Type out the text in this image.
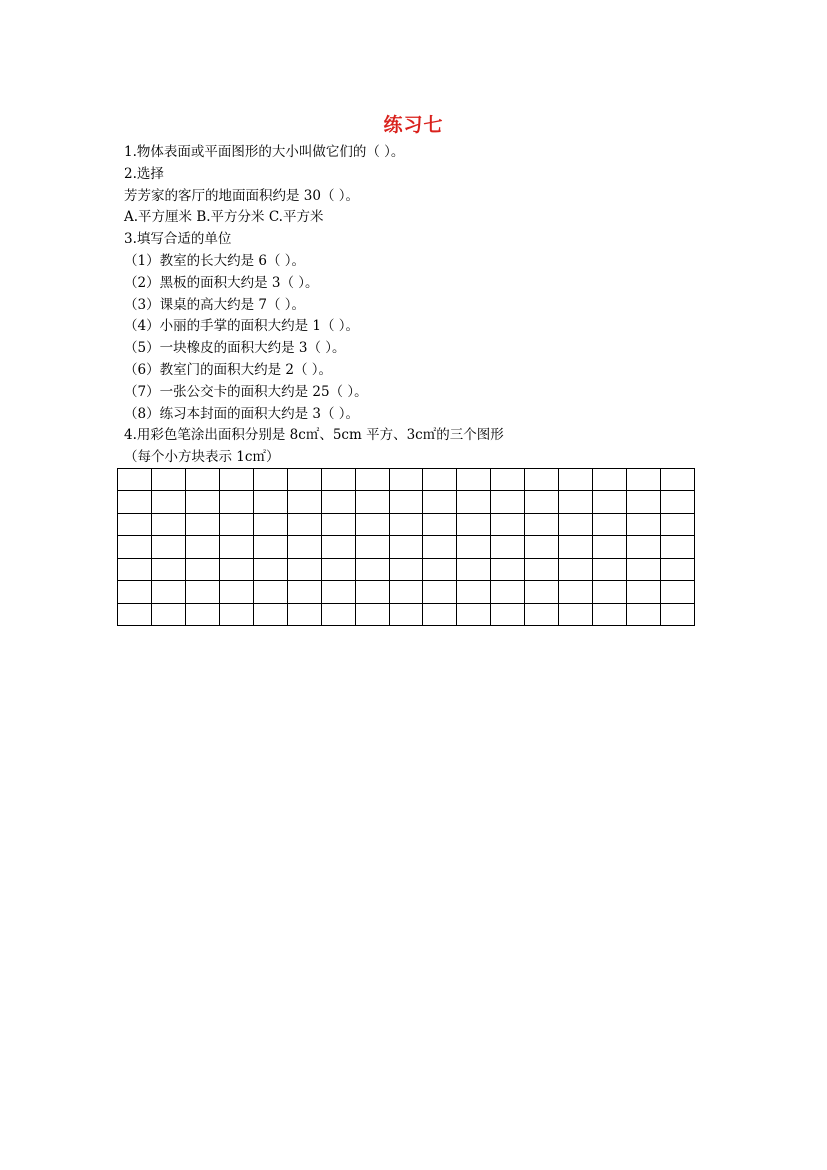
练习七
1.物体表面或平面图形的大小叫做它们的（ ）。
2.选择
芳芳家的客厅的地面面积约是 30（ ）。
A.平方厘米 B.平方分米 C.平方米
3.填写合适的单位
（1）教室的长大约是 6（ ）。
（2）黑板的面积大约是 3（ ）。
（3）课桌的高大约是 7（ ）。
（4）小丽的手掌的面积大约是 1（ ）。
（5）一块橡皮的面积大约是 3（ ）。
（6）教室门的面积大约是 2（ ）。
（7）一张公交卡的面积大约是 25（ ）。
（8）练习本封面的面积大约是 3（ ）。
4.用彩色笔涂出面积分别是 8c㎡、5cm 平方、3c㎡的三个图形
（每个小方块表示 1c㎡）
